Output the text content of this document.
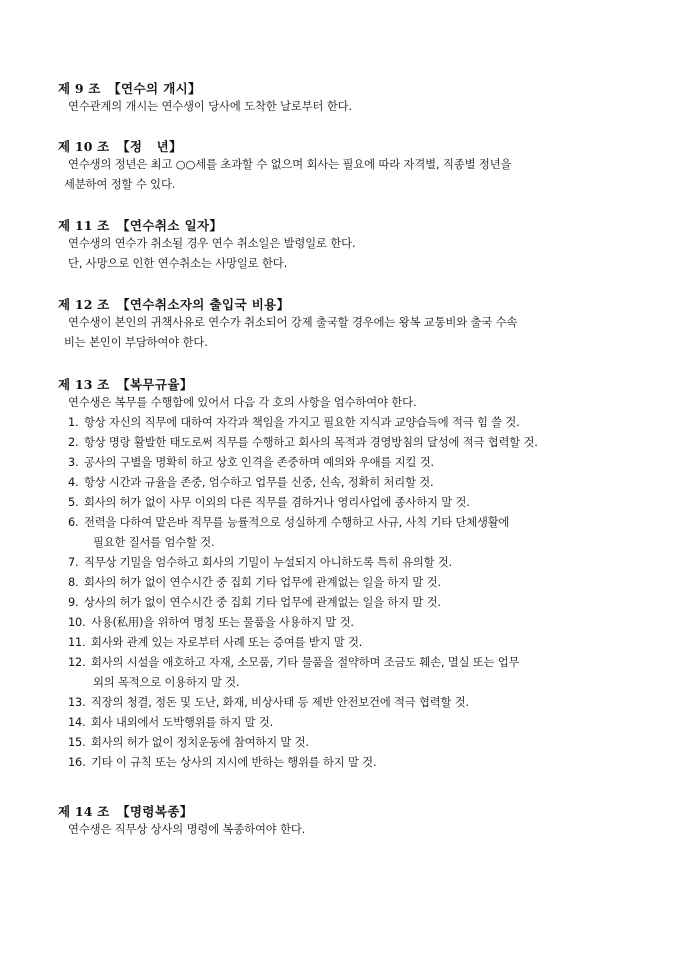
제 9 조 【연수의 개시】
연수관계의 개시는 연수생이 당사에 도착한 날로부터 한다.
제 10 조 【정   년】
연수생의 정년은 최고 ○○세를 초과할 수 없으며 회사는 필요에 따라 자격별, 직종별 정년을
세분하여 정할 수 있다.
제 11 조 【연수취소 일자】
연수생의 연수가 취소될 경우 연수 취소일은 발령일로 한다.
단, 사망으로 인한 연수취소는 사망일로 한다.
제 12 조 【연수취소자의 출입국 비용】
연수생이 본인의 귀책사유로 연수가 취소되어 강제 출국할 경우에는 왕복 교통비와 출국 수속
비는 본인이 부담하여야 한다.
제 13 조 【복무규율】
연수생은 복무를 수행함에 있어서 다음 각 호의 사항을 엄수하여야 한다.
1. 항상 자신의 직무에 대하여 자각과 책임을 가지고 필요한 지식과 교양습득에 적극 힘 쓸 것.
2. 항상 명랑 활발한 태도로써 직무를 수행하고 회사의 목적과 경영방침의 달성에 적극 협력할 것.
3. 공사의 구별을 명확히 하고 상호 인격을 존중하며 예의와 우애를 지킬 것.
4. 항상 시간과 규율을 존중, 엄수하고 업무를 신중, 신속, 정확히 처리할 것.
5. 회사의 허가 없이 사무 이외의 다른 직무를 겸하거나 영리사업에 종사하지 말 것.
6. 전력을 다하여 맡은바 직무를 능률적으로 성실하게 수행하고 사규, 사칙 기타 단체생활에
필요한 질서를 엄수할 것.
7. 직무상 기밀을 엄수하고 회사의 기밀이 누설되지 아니하도록 특히 유의할 것.
8. 회사의 허가 없이 연수시간 중 집회 기타 업무에 관계없는 일을 하지 말 것.
9. 상사의 허가 없이 연수시간 중 집회 기타 업무에 관계없는 일을 하지 말 것.
10. 사용(私用)을 위하여 명칭 또는 물품을 사용하지 말 것.
11. 회사와 관계 있는 자로부터 사례 또는 증여를 받지 말 것.
12. 회사의 시설을 애호하고 자재, 소모품, 기타 물품을 절약하며 조금도 훼손, 멸실 또는 업무
외의 목적으로 이용하지 말 것.
13. 직장의 청결, 정돈 및 도난, 화재, 비상사태 등 제반 안전보건에 적극 협력할 것.
14. 회사 내외에서 도박행위를 하지 말 것.
15. 회사의 허가 없이 정치운동에 참여하지 말 것.
16. 기타 이 규칙 또는 상사의 지시에 반하는 행위를 하지 말 것.
제 14 조 【명령복종】
연수생은 직무상 상사의 명령에 복종하여야 한다.
